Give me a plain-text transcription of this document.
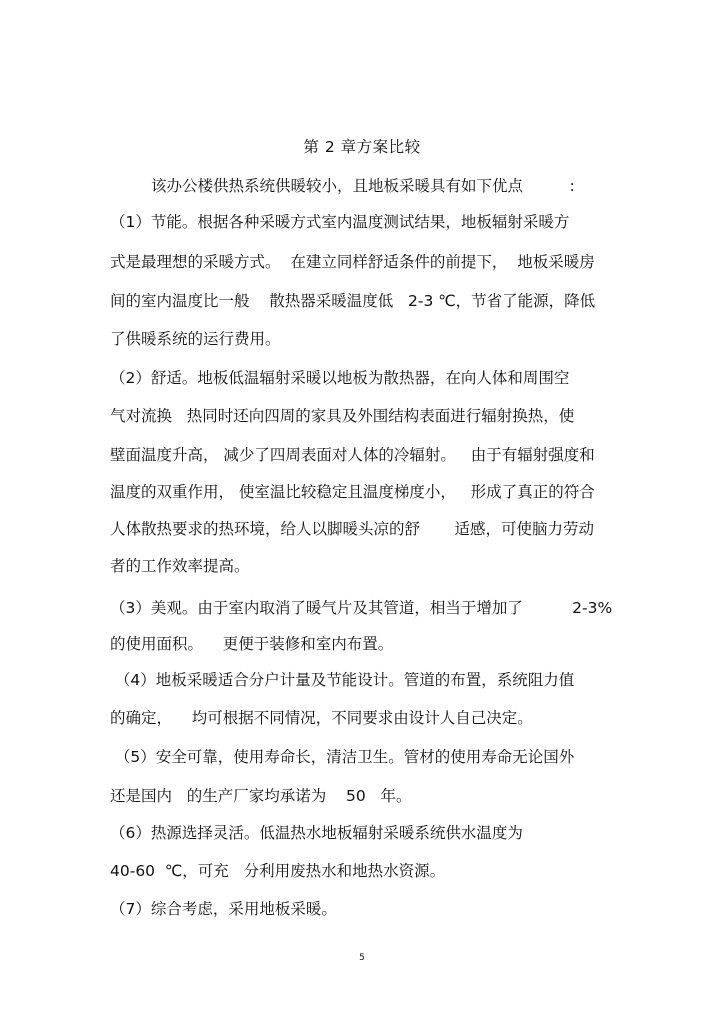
第 2 章方案比较
该办公楼供热系统供暖较小，且地板采暖具有如下优点　　　:
（1）节能。根据各种采暖方式室内温度测试结果，地板辐射采暖方
式是最理想的采暖方式。  在建立同样舒适条件的前提下，  地板采暖房
间的室内温度比一般    散热器采暖温度低   2-3 ℃，节省了能源，降低
了供暖系统的运行费用。
（2）舒适。地板低温辐射采暖以地板为散热器，在向人体和周围空
气对流换   热同时还向四周的家具及外围结构表面进行辐射换热，使
壁面温度升高， 减少了四周表面对人体的冷辐射。   由于有辐射强度和
温度的双重作用， 使室温比较稳定且温度梯度小，   形成了真正的符合
人体散热要求的热环境，给人以脚暖头凉的舒       适感，可使脑力劳动
者的工作效率提高。
（3）美观。由于室内取消了暖气片及其管道，相当于增加了          2-3%
的使用面积。    更便于装修和室内布置。
（4）地板采暖适合分户计量及节能设计。管道的布置，系统阻力值
的确定，    均可根据不同情况，不同要求由设计人自己决定。
（5）安全可靠，使用寿命长，清洁卫生。管材的使用寿命无论国外
还是国内   的生产厂家均承诺为    50   年。
（6）热源选择灵活。低温热水地板辐射采暖系统供水温度为
40-60  ℃，可充   分利用废热水和地热水资源。
（7）综合考虑，采用地板采暖。
5
